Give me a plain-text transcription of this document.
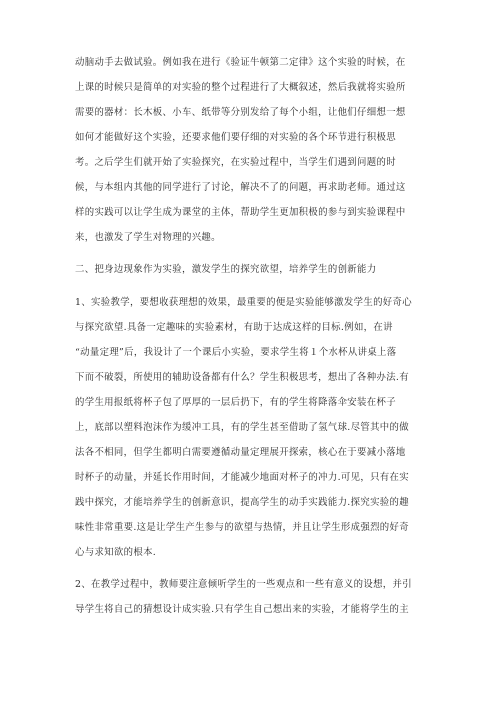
动脑动手去做试验。例如我在进行《验证牛顿第二定律》这个实验的时候，在
上课的时候只是简单的对实验的整个过程进行了大概叙述，然后我就将实验所
需要的器材：长木板、小车、纸带等分别发给了每个小组，让他们仔细想一想
如何才能做好这个实验，还要求他们要仔细的对实验的各个环节进行积极思
考。之后学生们就开始了实验探究，在实验过程中，当学生们遇到问题的时
候，与本组内其他的同学进行了讨论，解决不了的问题，再求助老师。通过这
样的实践可以让学生成为课堂的主体，帮助学生更加积极的参与到实验课程中
来，也激发了学生对物理的兴趣。
二、把身边现象作为实验，激发学生的探究欲望，培养学生的创新能力
1、实验教学，要想收获理想的效果，最重要的便是实验能够激发学生的好奇心
与探究欲望.具备一定趣味的实验素材，有助于达成这样的目标.例如，在讲
“动量定理”后，我设计了一个课后小实验，要求学生将１个水杯从讲桌上落
下而不破裂，所使用的辅助设备都有什么？学生积极思考，想出了各种办法.有
的学生用报纸将杯子包了厚厚的一层后扔下，有的学生将降落伞安装在杯子
上，底部以塑料泡沫作为缓冲工具，有的学生甚至借助了氢气球.尽管其中的做
法各不相同，但学生都明白需要遵循动量定理展开探索，核心在于要减小落地
时杯子的动量，并延长作用时间，才能减少地面对杯子的冲力.可见，只有在实
践中探究，才能培养学生的创新意识，提高学生的动手实践能力.探究实验的趣
味性非常重要.这是让学生产生参与的欲望与热情，并且让学生形成强烈的好奇
心与求知欲的根本.
2、在教学过程中，教师要注意倾听学生的一些观点和一些有意义的设想，并引
导学生将自己的猜想设计成实验.只有学生自己想出来的实验，才能将学生的主
